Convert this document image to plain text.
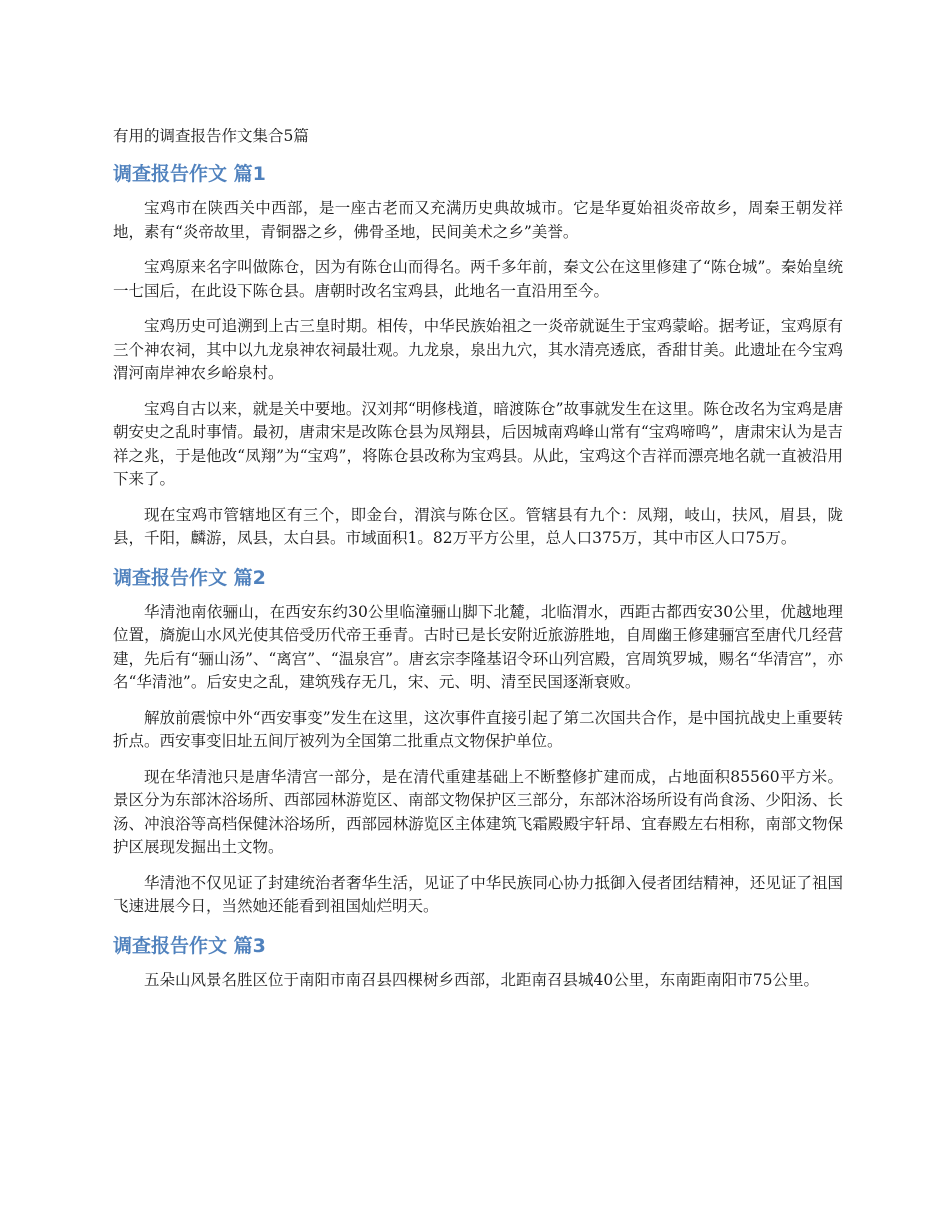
有用的调查报告作文集合5篇
调查报告作文 篇1

宝鸡市在陕西关中西部，是一座古老而又充满历史典故城市。它是华夏始祖炎帝故乡，周秦王朝发祥地，素有“炎帝故里，青铜器之乡，佛骨圣地，民间美术之乡”美誉。

宝鸡原来名字叫做陈仓，因为有陈仓山而得名。两千多年前，秦文公在这里修建了“陈仓城”。秦始皇统一七国后，在此设下陈仓县。唐朝时改名宝鸡县，此地名一直沿用至今。

宝鸡历史可追溯到上古三皇时期。相传，中华民族始祖之一炎帝就诞生于宝鸡蒙峪。据考证，宝鸡原有三个神农祠，其中以九龙泉神农祠最壮观。九龙泉，泉出九穴，其水清亮透底，香甜甘美。此遗址在今宝鸡渭河南岸神农乡峪泉村。

宝鸡自古以来，就是关中要地。汉刘邦“明修栈道，暗渡陈仓”故事就发生在这里。陈仓改名为宝鸡是唐朝安史之乱时事情。最初，唐肃宋是改陈仓县为凤翔县，后因城南鸡峰山常有“宝鸡啼鸣”，唐肃宋认为是吉祥之兆，于是他改“凤翔”为“宝鸡”，将陈仓县改称为宝鸡县。从此，宝鸡这个吉祥而漂亮地名就一直被沿用下来了。

现在宝鸡市管辖地区有三个，即金台，渭滨与陈仓区。管辖县有九个：凤翔，岐山，扶风，眉县，陇县，千阳，麟游，凤县，太白县。市域面积1。82万平方公里，总人口375万，其中市区人口75万。

调查报告作文 篇2

华清池南依骊山，在西安东约30公里临潼骊山脚下北麓，北临渭水，西距古都西安30公里，优越地理位置，旖旎山水风光使其倍受历代帝王垂青。古时已是长安附近旅游胜地，自周幽王修建骊宫至唐代几经营建，先后有“骊山汤”、“离宫”、“温泉宫”。唐玄宗李隆基诏令环山列宫殿，宫周筑罗城，赐名“华清宫”，亦名“华清池”。后安史之乱，建筑残存无几，宋、元、明、清至民国逐渐衰败。

解放前震惊中外“西安事变”发生在这里，这次事件直接引起了第二次国共合作，是中国抗战史上重要转折点。西安事变旧址五间厅被列为全国第二批重点文物保护单位。

现在华清池只是唐华清宫一部分，是在清代重建基础上不断整修扩建而成，占地面积85560平方米。景区分为东部沐浴场所、西部园林游览区、南部文物保护区三部分，东部沐浴场所设有尚食汤、少阳汤、长汤、冲浪浴等高档保健沐浴场所，西部园林游览区主体建筑飞霜殿殿宇轩昂、宜春殿左右相称，南部文物保护区展现发掘出土文物。

华清池不仅见证了封建统治者奢华生活，见证了中华民族同心协力抵御入侵者团结精神，还见证了祖国飞速进展今日，当然她还能看到祖国灿烂明天。

调查报告作文 篇3

五朵山风景名胜区位于南阳市南召县四棵树乡西部，北距南召县城40公里，东南距南阳市75公里。
